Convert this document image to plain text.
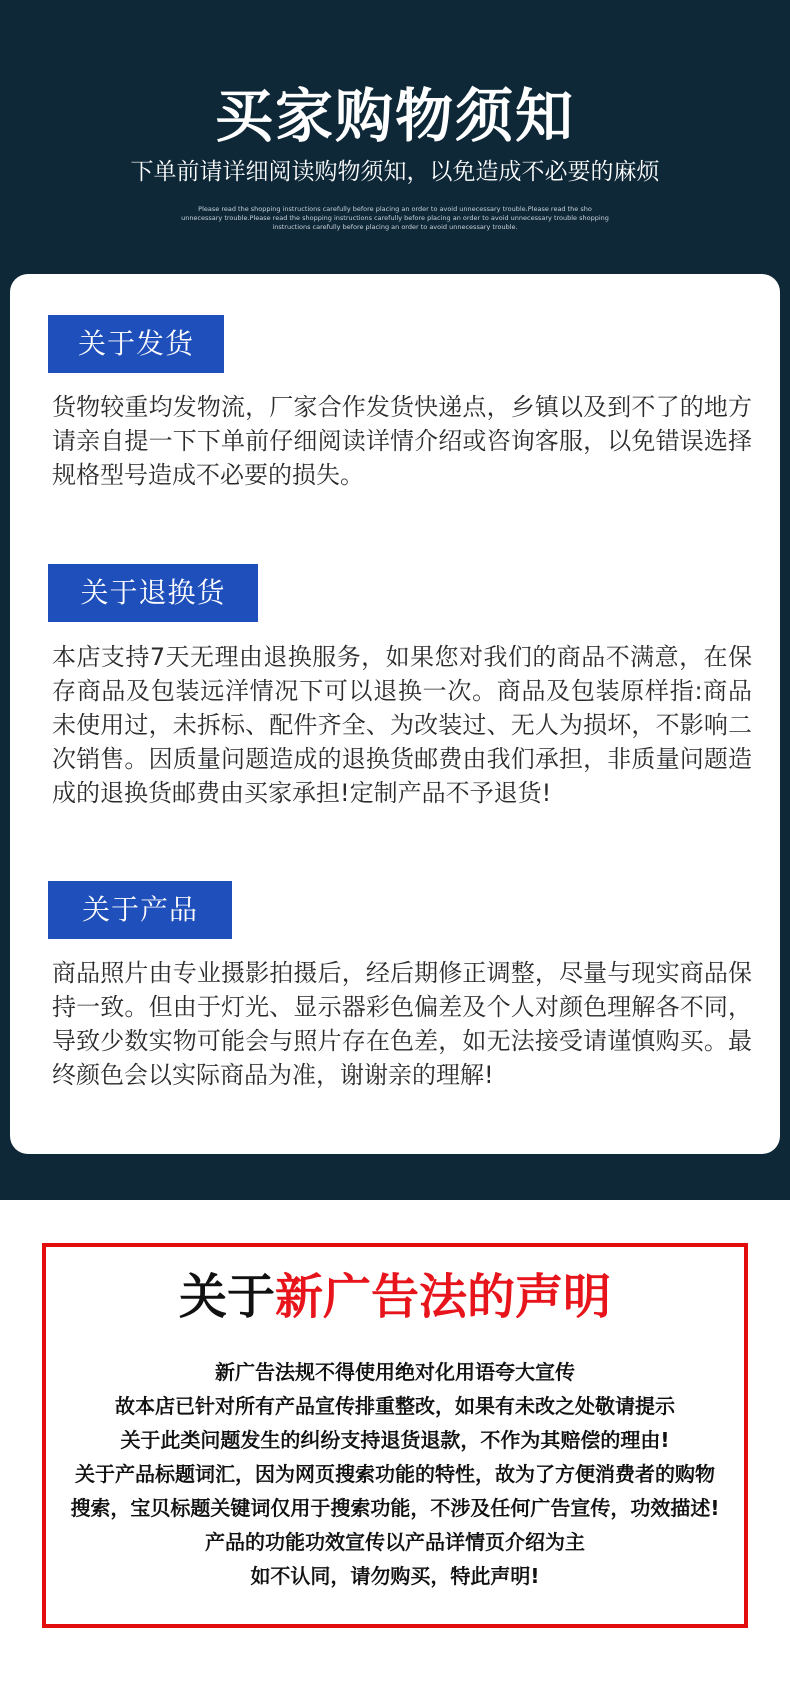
买家购物须知
下单前请详细阅读购物须知，以免造成不必要的麻烦
Please read the shopping instructions carefully before placing an order to avoid unnecessary trouble.Please read the sho unnecessary trouble.Please read the shopping instructions carefully before placing an order to avoid unnecessary trouble shopping instructions carefully before placing an order to avoid unnecessary trouble.
关于发货
货物较重均发物流，厂家合作发货快递点，乡镇以及到不了的地方请亲自提一下下单前仔细阅读详情介绍或咨询客服，以免错误选择规格型号造成不必要的损失。
关于退换货
本店支持7天无理由退换服务，如果您对我们的商品不满意，在保存商品及包装远洋情况下可以退换一次。商品及包装原样指:商品未使用过，未拆标、配件齐全、为改装过、无人为损坏，不影响二次销售。因质量问题造成的退换货邮费由我们承担，非质量问题造成的退换货邮费由买家承担!定制产品不予退货!
关于产品
商品照片由专业摄影拍摄后，经后期修正调整，尽量与现实商品保持一致。但由于灯光、显示器彩色偏差及个人对颜色理解各不同，导致少数实物可能会与照片存在色差，如无法接受请谨慎购买。最终颜色会以实际商品为准，谢谢亲的理解!
关于新广告法的声明
新广告法规不得使用绝对化用语夸大宣传
故本店已针对所有产品宣传排重整改，如果有未改之处敬请提示
关于此类问题发生的纠纷支持退货退款，不作为其赔偿的理由!
关于产品标题词汇，因为网页搜索功能的特性，故为了方便消费者的购物
搜索，宝贝标题关键词仅用于搜索功能，不涉及任何广告宣传，功效描述!
产品的功能功效宣传以产品详情页介绍为主
如不认同，请勿购买，特此声明!
